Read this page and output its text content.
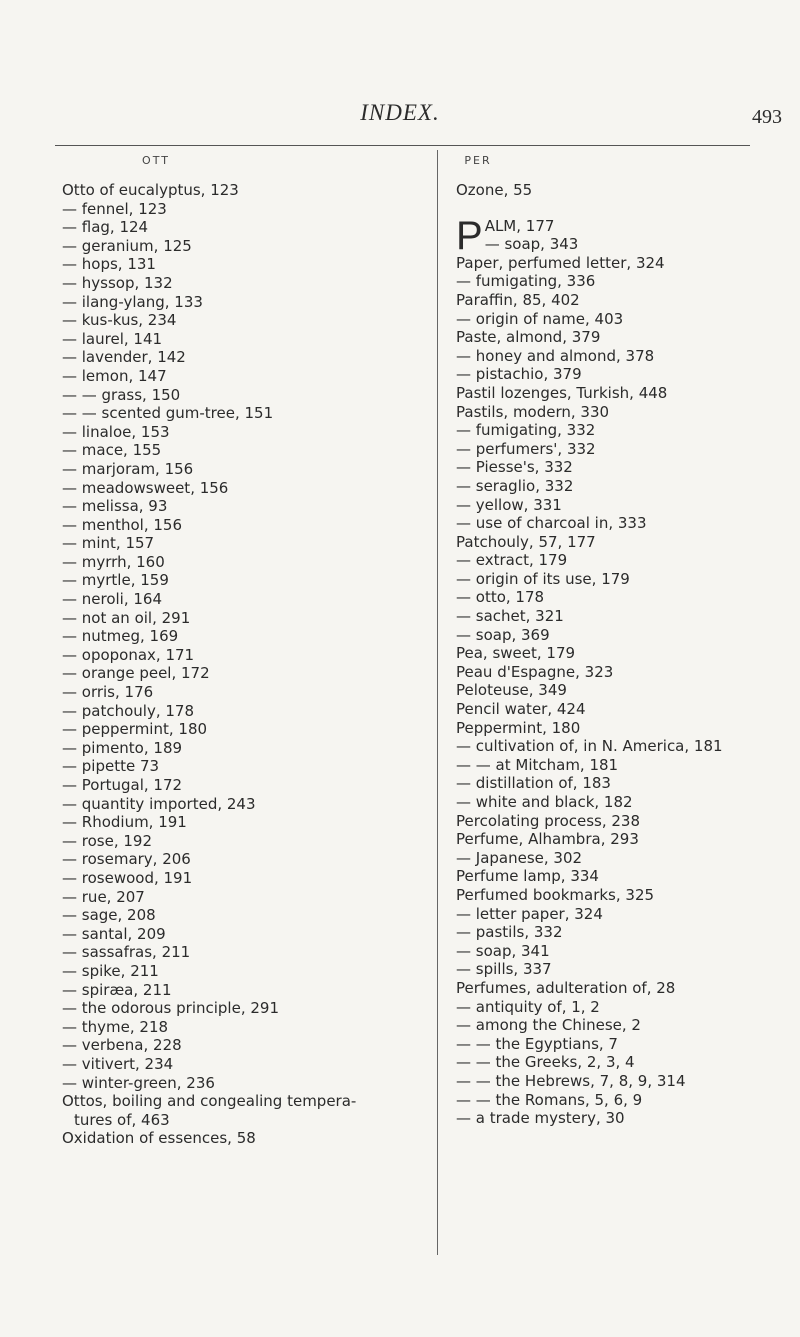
INDEX.	493
OTT
Otto of eucalyptus, 123
— fennel, 123
— flag, 124
— geranium, 125
— hops, 131
— hyssop, 132
— ilang-ylang, 133
— kus-kus, 234
— laurel, 141
— lavender, 142
— lemon, 147
— — grass, 150
— — scented gum-tree, 151
— linaloe, 153
— mace, 155
— marjoram, 156
— meadowsweet, 156
— melissa, 93
— menthol, 156
— mint, 157
— myrrh, 160
— myrtle, 159
— neroli, 164
— not an oil, 291
— nutmeg, 169
— opoponax, 171
— orange peel, 172
— orris, 176
— patchouly, 178
— peppermint, 180
— pimento, 189
— pipette 73
— Portugal, 172
— quantity imported, 243
— Rhodium, 191
— rose, 192
— rosemary, 206
— rosewood, 191
— rue, 207
— sage, 208
— santal, 209
— sassafras, 211
— spike, 211
— spiræa, 211
— the odorous principle, 291
— thyme, 218
— verbena, 228
— vitivert, 234
— winter-green, 236
Ottos, boiling and congealing tempera-
tures of, 463
Oxidation of essences, 58
PER
Ozone, 55
P ALM, 177
— soap, 343
Paper, perfumed letter, 324
— fumigating, 336
Paraffin, 85, 402
— origin of name, 403
Paste, almond, 379
— honey and almond, 378
— pistachio, 379
Pastil lozenges, Turkish, 448
Pastils, modern, 330
— fumigating, 332
— perfumers', 332
— Piesse's, 332
— seraglio, 332
— yellow, 331
— use of charcoal in, 333
Patchouly, 57, 177
— extract, 179
— origin of its use, 179
— otto, 178
— sachet, 321
— soap, 369
Pea, sweet, 179
Peau d'Espagne, 323
Peloteuse, 349
Pencil water, 424
Peppermint, 180
— cultivation of, in N. America, 181
— — at Mitcham, 181
— distillation of, 183
— white and black, 182
Percolating process, 238
Perfume, Alhambra, 293
— Japanese, 302
Perfume lamp, 334
Perfumed bookmarks, 325
— letter paper, 324
— pastils, 332
— soap, 341
— spills, 337
Perfumes, adulteration of, 28
— antiquity of, 1, 2
— among the Chinese, 2
— — the Egyptians, 7
— — the Greeks, 2, 3, 4
— — the Hebrews, 7, 8, 9, 314
— — the Romans, 5, 6, 9
— a trade mystery, 30
